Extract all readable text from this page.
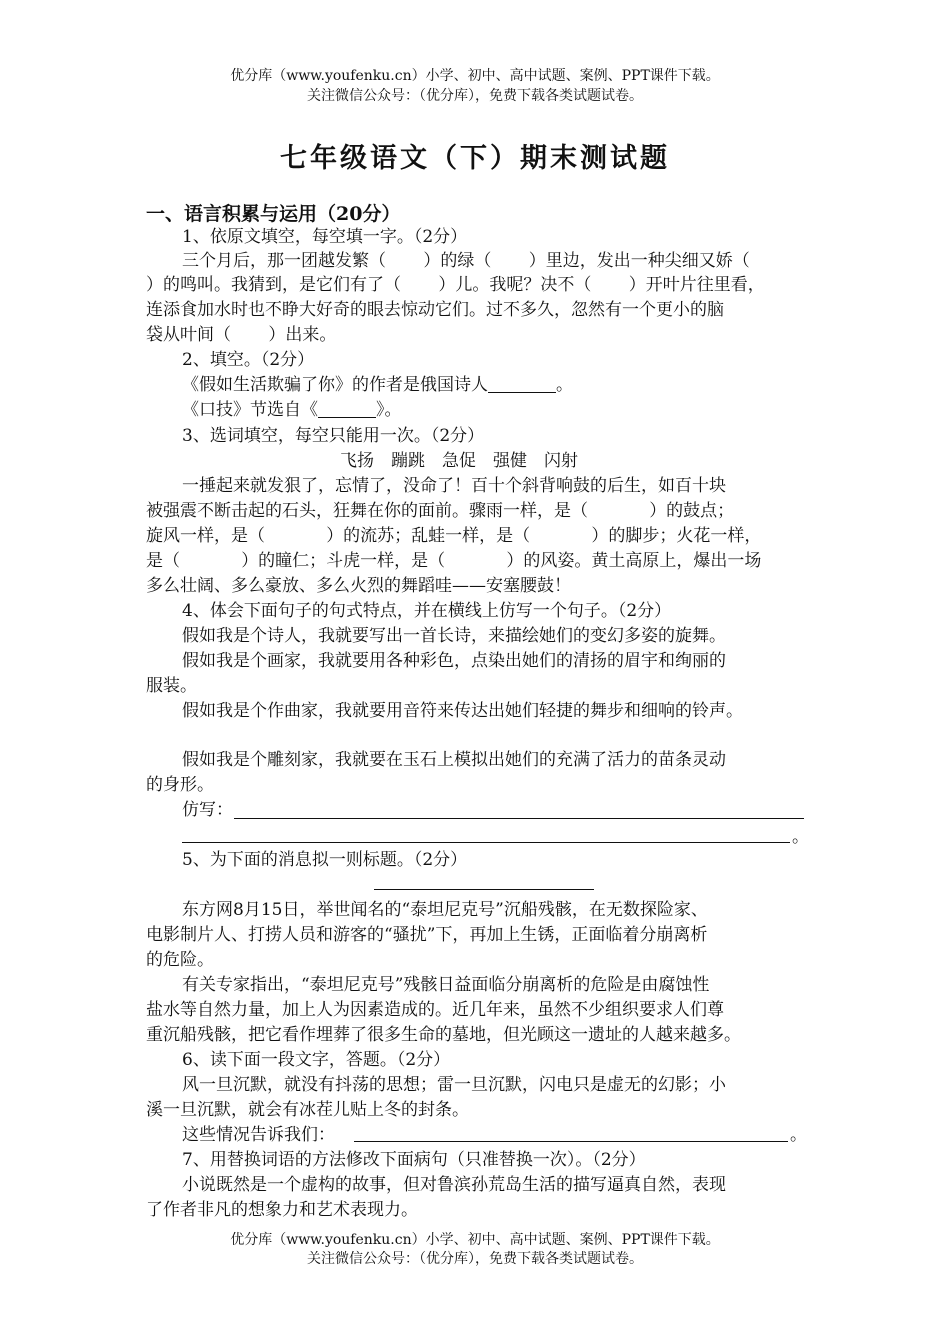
优分库（www.youfenku.cn）小学、初中、高中试题、案例、PPT课件下载。
关注微信公众号：（优分库），免费下载各类试题试卷。
七年级语文（下）期末测试题
一、语言积累与运用（20分）
1、依原文填空，每空填一字。（2分）
三个月后，那一团越发繁（ ）的绿（ ）里边，发出一种尖细又娇（
）的鸣叫。我猜到，是它们有了（ ）儿。我呢？决不（ ）开叶片往里看，
连添食加水时也不睁大好奇的眼去惊动它们。过不多久，忽然有一个更小的脑
袋从叶间（ ）出来。
2、填空。（2分）
《假如生活欺骗了你》的作者是俄国诗人	。
《口技》节选自《	》。
3、选词填空，每空只能用一次。（2分）
飞扬　蹦跳　急促　强健　闪射
一捶起来就发狠了，忘情了，没命了！百十个斜背响鼓的后生，如百十块
被强震不断击起的石头，狂舞在你的面前。骤雨一样，是（	）的鼓点；
旋风一样，是（	）的流苏；乱蛙一样，是（	）的脚步；火花一样，
是（	）的瞳仁；斗虎一样，是（	）的风姿。黄土高原上，爆出一场
多么壮阔、多么豪放、多么火烈的舞蹈哇——安塞腰鼓！
4、体会下面句子的句式特点，并在横线上仿写一个句子。（2分）
假如我是个诗人，我就要写出一首长诗，来描绘她们的变幻多姿的旋舞。
假如我是个画家，我就要用各种彩色，点染出她们的清扬的眉宇和绚丽的
服装。
假如我是个作曲家，我就要用音符来传达出她们轻捷的舞步和细响的铃声。
假如我是个雕刻家，我就要在玉石上模拟出她们的充满了活力的苗条灵动
的身形。
仿写：
。
5、为下面的消息拟一则标题。（2分）
东方网8月15日，举世闻名的“泰坦尼克号”沉船残骸，在无数探险家、
电影制片人、打捞人员和游客的“骚扰”下，再加上生锈，正面临着分崩离析
的危险。
有关专家指出，“泰坦尼克号”残骸日益面临分崩离析的危险是由腐蚀性
盐水等自然力量，加上人为因素造成的。近几年来，虽然不少组织要求人们尊
重沉船残骸，把它看作埋葬了很多生命的墓地，但光顾这一遗址的人越来越多。
6、读下面一段文字，答题。（2分）
风一旦沉默，就没有抖荡的思想；雷一旦沉默，闪电只是虚无的幻影；小
溪一旦沉默，就会有冰茬儿贴上冬的封条。
这些情况告诉我们：	。
7、用替换词语的方法修改下面病句（只准替换一次）。（2分）
小说既然是一个虚构的故事，但对鲁滨孙荒岛生活的描写逼真自然，表现
了作者非凡的想象力和艺术表现力。
优分库（www.youfenku.cn）小学、初中、高中试题、案例、PPT课件下载。
关注微信公众号：（优分库），免费下载各类试题试卷。
